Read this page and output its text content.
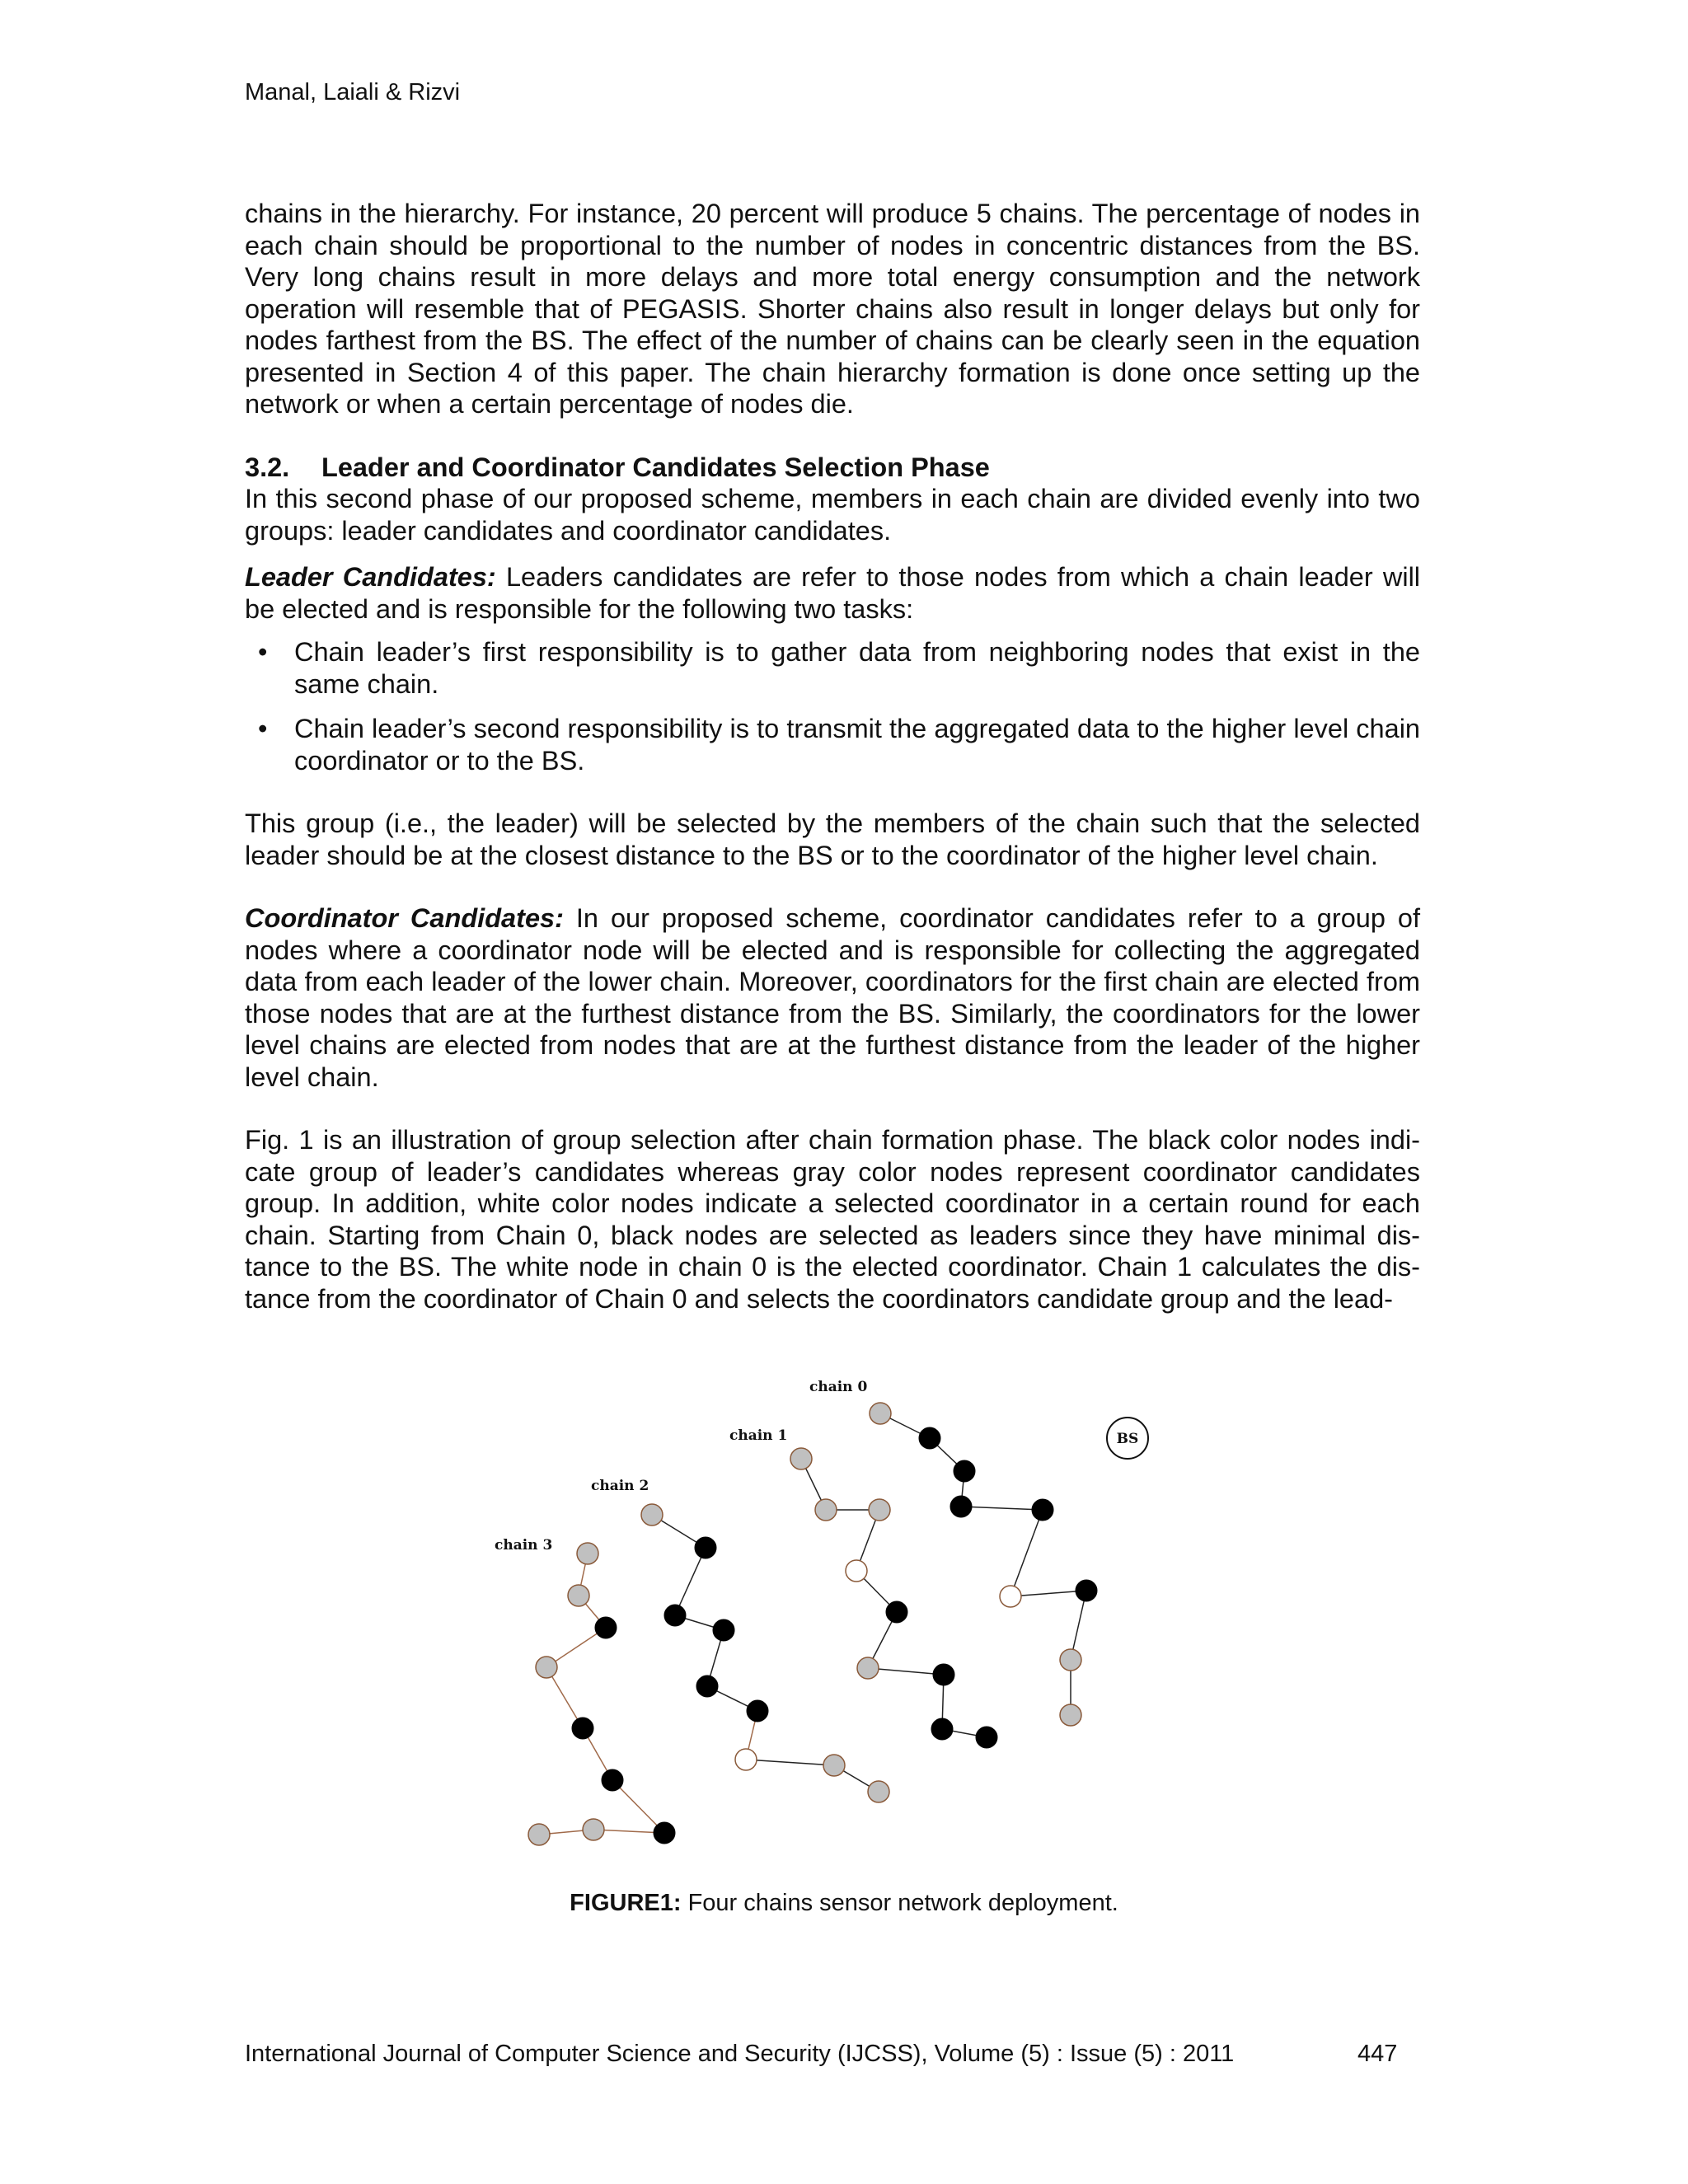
Manal, Laiali & Rizvi

chains in the hierarchy. For instance, 20 percent will produce 5 chains. The percentage of nodes in each chain should be proportional to the number of nodes in concentric distances from the BS. Very long chains result in more delays and more total energy consumption and the network operation will resemble that of PEGASIS. Shorter chains also result in longer delays but only for nodes farthest from the BS. The effect of the number of chains can be clearly seen in the equation presented in Section 4 of this paper. The chain hierarchy formation is done once setting up the network or when a certain percentage of nodes die.

3.2. Leader and Coordinator Candidates Selection Phase

In this second phase of our proposed scheme, members in each chain are divided evenly into two groups: leader candidates and coordinator candidates.

Leader Candidates: Leaders candidates are refer to those nodes from which a chain leader will be elected and is responsible for the following two tasks:

• Chain leader’s first responsibility is to gather data from neighboring nodes that exist in the same chain.
• Chain leader’s second responsibility is to transmit the aggregated data to the higher level chain coordinator or to the BS.

This group (i.e., the leader) will be selected by the members of the chain such that the selected leader should be at the closest distance to the BS or to the coordinator of the higher level chain.

Coordinator Candidates: In our proposed scheme, coordinator candidates refer to a group of nodes where a coordinator node will be elected and is responsible for collecting the aggregated data from each leader of the lower chain. Moreover, coordinators for the first chain are elected from those nodes that are at the furthest distance from the BS. Similarly, the coordinators for the lower level chains are elected from nodes that are at the furthest distance from the leader of the higher level chain.

Fig. 1 is an illustration of group selection after chain formation phase. The black color nodes indi-cate group of leader’s candidates whereas gray color nodes represent coordinator candidates group. In addition, white color nodes indicate a selected coordinator in a certain round for each chain. Starting from Chain 0, black nodes are selected as leaders since they have minimal dis-tance to the BS. The white node in chain 0 is the elected coordinator. Chain 1 calculates the dis-tance from the coordinator of Chain 0 and selects the coordinators candidate group and the lead-

BS
chain 0
chain 1
chain 2
chain 3
FIGURE1: Four chains sensor network deployment.
International Journal of Computer Science and Security (IJCSS), Volume (5) : Issue (5) : 2011	447
